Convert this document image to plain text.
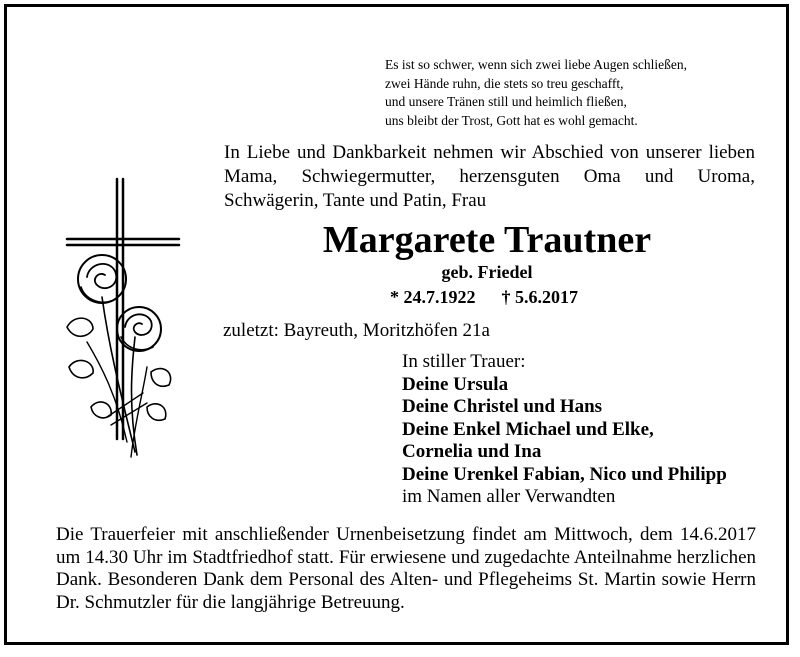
Es ist so schwer, wenn sich zwei liebe Augen schließen,
zwei Hände ruhn, die stets so treu geschafft,
und unsere Tränen still und heimlich fließen,
uns bleibt der Trost, Gott hat es wohl gemacht.
In Liebe und Dankbarkeit nehmen wir Abschied von unserer lieben Mama, Schwiegermutter, herzensguten Oma und Uroma, Schwägerin, Tante und Patin, Frau
Margarete Trautner
geb. Friedel
* 24.7.1922 † 5.6.2017
zuletzt: Bayreuth, Moritzhöfen 21a
In stiller Trauer:
Deine Ursula
Deine Christel und Hans
Deine Enkel Michael und Elke,
Cornelia und Ina
Deine Urenkel Fabian, Nico und Philipp
im Namen aller Verwandten
Die Trauerfeier mit anschließender Urnenbeisetzung findet am Mittwoch, dem 14.6.2017 um 14.30 Uhr im Stadtfriedhof statt. Für erwiesene und zugedachte Anteilnahme herzlichen Dank. Besonderen Dank dem Personal des Alten- und Pflegeheims St. Martin sowie Herrn Dr. Schmutzler für die langjährige Betreuung.
